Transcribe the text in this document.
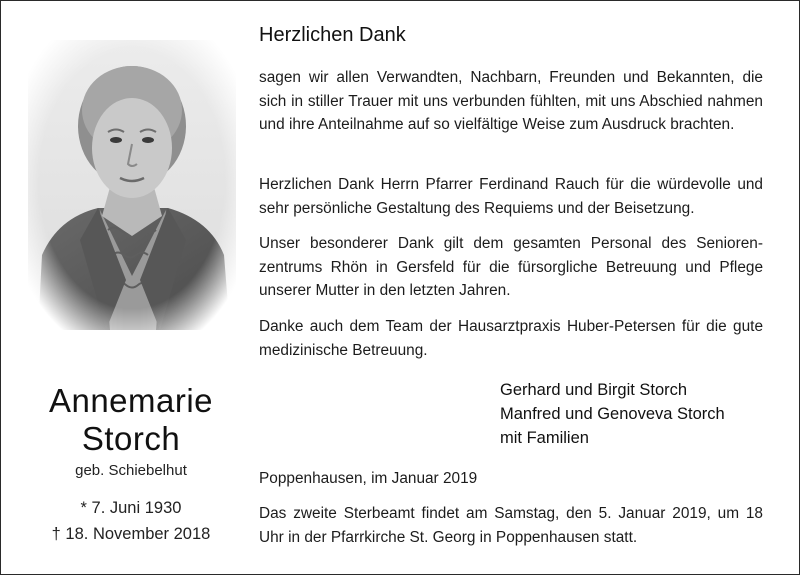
Annemarie
Storch
geb. Schiebelhut
* 7. Juni 1930
† 18. November 2018
Herzlichen Dank

sagen wir allen Verwandten, Nachbarn, Freunden und Bekannten, die sich in stiller Trauer mit uns verbunden fühlten, mit uns Abschied nahmen und ihre Anteilnahme auf so vielfältige Weise zum Ausdruck brachten.

Herzlichen Dank Herrn Pfarrer Ferdinand Rauch für die würdevolle und sehr persönliche Gestaltung des Requiems und der Beisetzung.

Unser besonderer Dank gilt dem gesamten Personal des Seniorenzentrums Rhön in Gersfeld für die fürsorgliche Betreuung und Pflege unserer Mutter in den letzten Jahren.

Danke auch dem Team der Hausarztpraxis Huber-Petersen für die gute medizinische Betreuung.

Gerhard und Birgit Storch
Manfred und Genoveva Storch
mit Familien

Poppenhausen, im Januar 2019

Das zweite Sterbeamt findet am Samstag, den 5. Januar 2019, um 18 Uhr in der Pfarrkirche St. Georg in Poppenhausen statt.
